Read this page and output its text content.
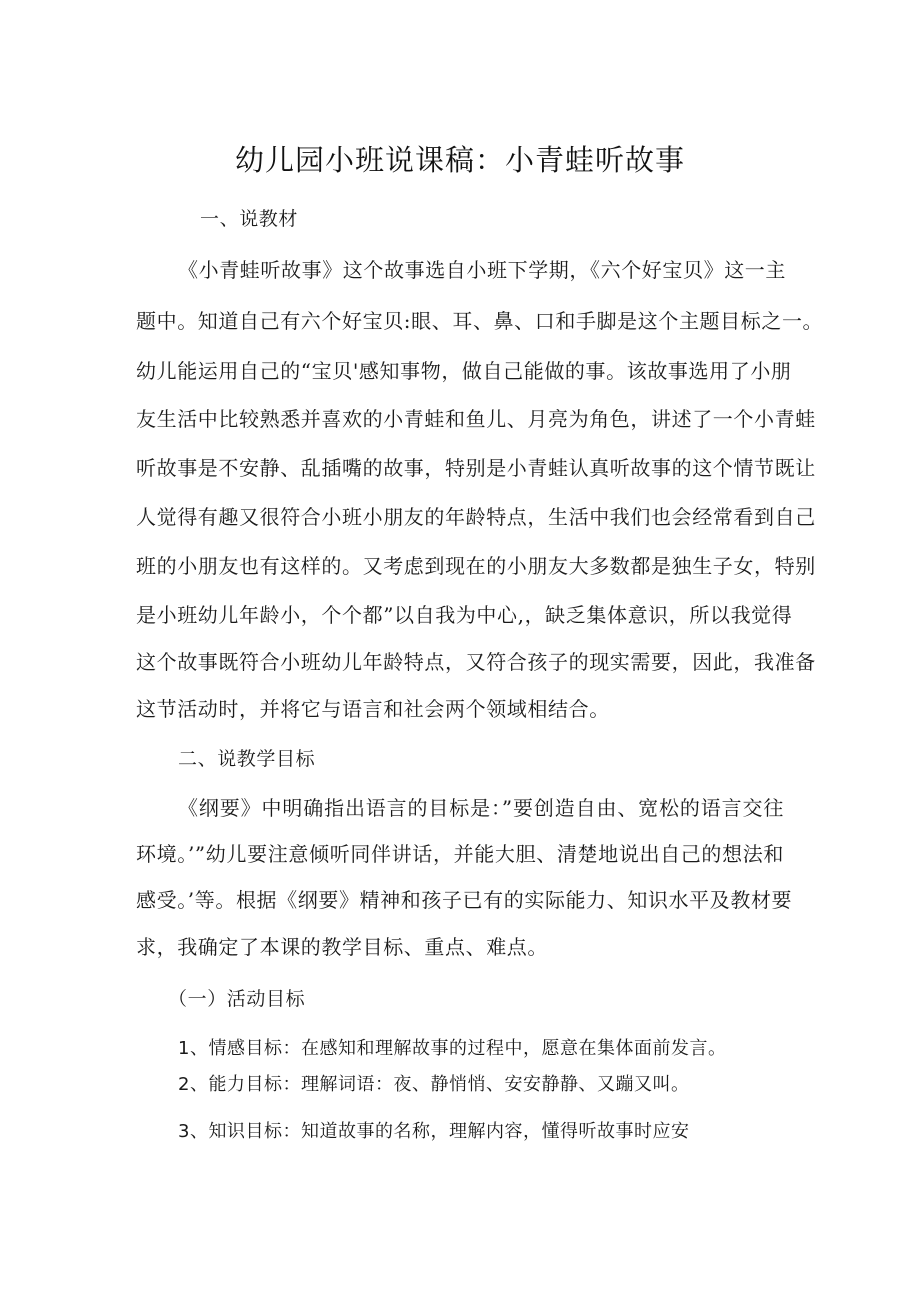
幼儿园小班说课稿：小青蛙听故事
一、说教材
《小青蛙听故事》这个故事选自小班下学期，《六个好宝贝》这一主
题中。知道自己有六个好宝贝:眼、耳、鼻、口和手脚是这个主题目标之一。
幼儿能运用自己的“宝贝'感知事物，做自己能做的事。该故事选用了小朋
友生活中比较熟悉并喜欢的小青蛙和鱼儿、月亮为角色，讲述了一个小青蛙
听故事是不安静、乱插嘴的故事，特别是小青蛙认真听故事的这个情节既让
人觉得有趣又很符合小班小朋友的年龄特点，生活中我们也会经常看到自己
班的小朋友也有这样的。又考虑到现在的小朋友大多数都是独生子女，特别
是小班幼儿年龄小，个个都”以自我为中心,，缺乏集体意识，所以我觉得
这个故事既符合小班幼儿年龄特点，又符合孩子的现实需要，因此，我准备
这节活动时，并将它与语言和社会两个领域相结合。
二、说教学目标
《纲要》中明确指出语言的目标是：”要创造自由、宽松的语言交往
环境。’”幼儿要注意倾听同伴讲话，并能大胆、清楚地说出自己的想法和
感受。’等。根据《纲要》精神和孩子已有的实际能力、知识水平及教材要
求，我确定了本课的教学目标、重点、难点。
（一）活动目标
1、情感目标：在感知和理解故事的过程中，愿意在集体面前发言。
2、能力目标：理解词语：夜、静悄悄、安安静静、又蹦又叫。
3、知识目标：知道故事的名称，理解内容，懂得听故事时应安
